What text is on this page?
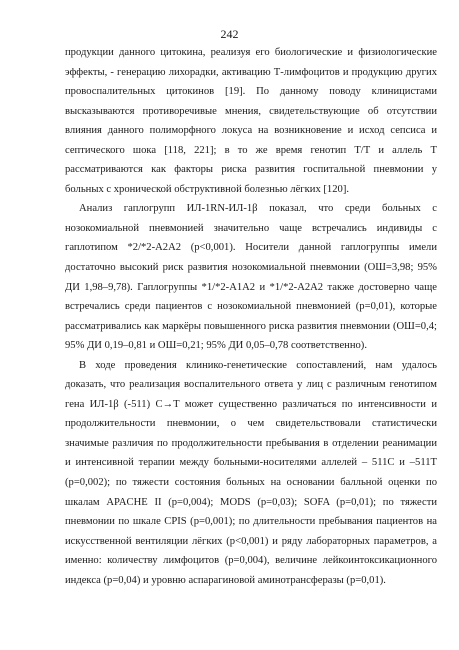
242

продукции данного цитокина, реализуя его биологические и физиологические эффекты, - генерацию лихорадки, активацию Т-лимфоцитов и продукцию других провоспалительных цитокинов [19]. По данному поводу клиницистами высказываются противоречивые мнения, свидетельствующие об отсутствии влияния данного полиморфного локуса на возникновение и исход сепсиса и септического шока [118, 221]; в то же время генотип Т/Т и аллель Т рассматриваются как факторы риска развития госпитальной пневмонии у больных с хронической обструктивной болезнью лёгких [120].

Анализ гаплогрупп ИЛ-1RN-ИЛ-1β показал, что среди больных с нозокомиальной пневмонией значительно чаще встречались индивиды с гаплотипом *2/*2-А2А2 (р<0,001). Носители данной гаплогруппы имели достаточно высокий риск развития нозокомиальной пневмонии (ОШ=3,98; 95% ДИ 1,98–9,78). Гаплогруппы *1/*2-А1А2 и *1/*2-А2А2 также достоверно чаще встречались среди пациентов с нозокомиальной пневмонией (р=0,01), которые рассматривались как маркёры повышенного риска развития пневмонии (ОШ=0,4; 95% ДИ 0,19–0,81 и ОШ=0,21; 95% ДИ 0,05–0,78 соответственно).

В ходе проведения клинико-генетические сопоставлений, нам удалось доказать, что реализация воспалительного ответа у лиц с различным генотипом гена ИЛ-1β (-511) С→Т может существенно различаться по интенсивности и продолжительности пневмонии, о чем свидетельствовали статистически значимые различия по продолжительности пребывания в отделении реанимации и интенсивной терапии между больными-носителями аллелей – 511С и –511Т (р=0,002); по тяжести состояния больных на основании балльной оценки по шкалам APACHE II (р=0,004); MODS (р=0,03); SOFA (р=0,01); по тяжести пневмонии по шкале CPIS (р=0,001); по длительности пребывания пациентов на искусственной вентиляции лёгких (р<0,001) и ряду лабораторных параметров, а именно: количеству лимфоцитов (р=0,004), величине лейкоинтоксикационного индекса (р=0,04) и уровню аспарагиновой аминотрансферазы (р=0,01).
